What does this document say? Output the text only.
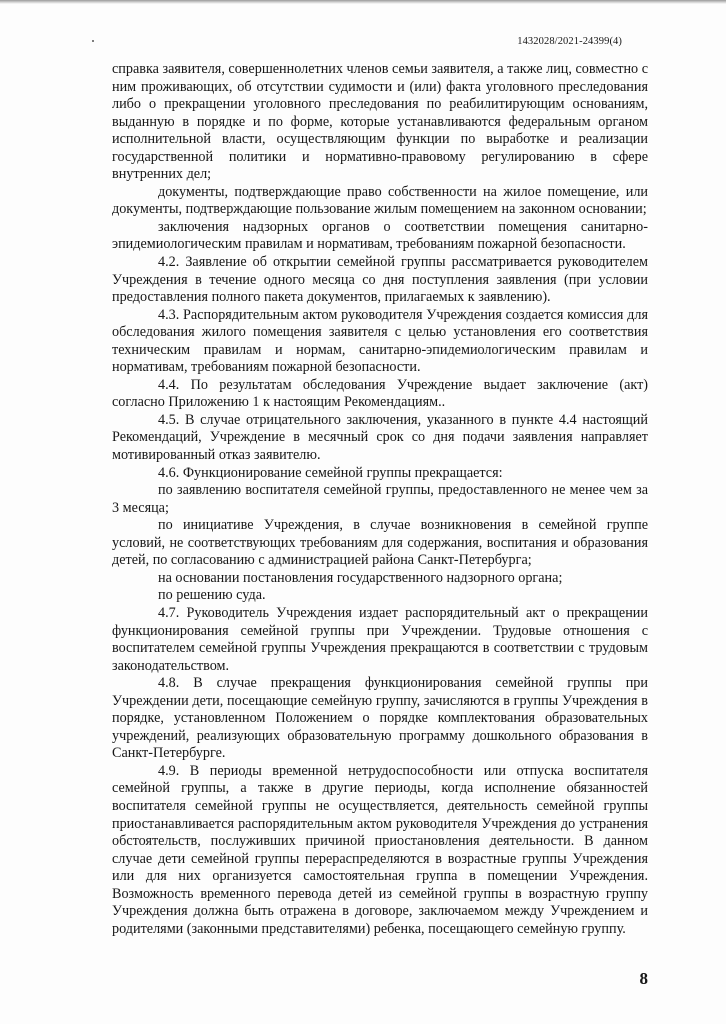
1432028/2021-24399(4)

справка заявителя, совершеннолетних членов семьи заявителя, а также лиц, совместно с ним проживающих, об отсутствии судимости и (или) факта уголовного преследования либо о прекращении уголовного преследования по реабилитирующим основаниям, выданную в порядке и по форме, которые устанавливаются федеральным органом исполнительной власти, осуществляющим функции по выработке и реализации государственной политики и нормативно-правовому регулированию в сфере внутренних дел;

документы, подтверждающие право собственности на жилое помещение, или документы, подтверждающие пользование жилым помещением на законном основании;

заключения надзорных органов о соответствии помещения санитарно-эпидемиологическим правилам и нормативам, требованиям пожарной безопасности.

4.2. Заявление об открытии семейной группы рассматривается руководителем Учреждения в течение одного месяца со дня поступления заявления (при условии предоставления полного пакета документов, прилагаемых к заявлению).

4.3. Распорядительным актом руководителя Учреждения создается комиссия для обследования жилого помещения заявителя с целью установления его соответствия техническим правилам и нормам, санитарно-эпидемиологическим правилам и нормативам, требованиям пожарной безопасности.

4.4. По результатам обследования Учреждение выдает заключение (акт) согласно Приложению 1 к настоящим Рекомендациям..

4.5. В случае отрицательного заключения, указанного в пункте 4.4 настоящий Рекомендаций, Учреждение в месячный срок со дня подачи заявления направляет мотивированный отказ заявителю.

4.6. Функционирование семейной группы прекращается:

по заявлению воспитателя семейной группы, предоставленного не менее чем за 3 месяца;

по инициативе Учреждения, в случае возникновения в семейной группе условий, не соответствующих требованиям для содержания, воспитания и образования детей, по согласованию с администрацией района Санкт-Петербурга;

на основании постановления государственного надзорного органа;

по решению суда.

4.7. Руководитель Учреждения издает распорядительный акт о прекращении функционирования семейной группы при Учреждении. Трудовые отношения с воспитателем семейной группы Учреждения прекращаются в соответствии с трудовым законодательством.

4.8. В случае прекращения функционирования семейной группы при Учреждении дети, посещающие семейную группу, зачисляются в группы Учреждения в порядке, установленном Положением о порядке комплектования образовательных учреждений, реализующих образовательную программу дошкольного образования в Санкт-Петербурге.

4.9. В периоды временной нетрудоспособности или отпуска воспитателя семейной группы, а также в другие периоды, когда исполнение обязанностей воспитателя семейной группы не осуществляется, деятельность семейной группы приостанавливается распорядительным актом руководителя Учреждения до устранения обстоятельств, послуживших причиной приостановления деятельности. В данном случае дети семейной группы перераспределяются в возрастные группы Учреждения или для них организуется самостоятельная группа в помещении Учреждения. Возможность временного перевода детей из семейной группы в возрастную группу Учреждения должна быть отражена в договоре, заключаемом между Учреждением и родителями (законными представителями) ребенка, посещающего семейную группу.

8
